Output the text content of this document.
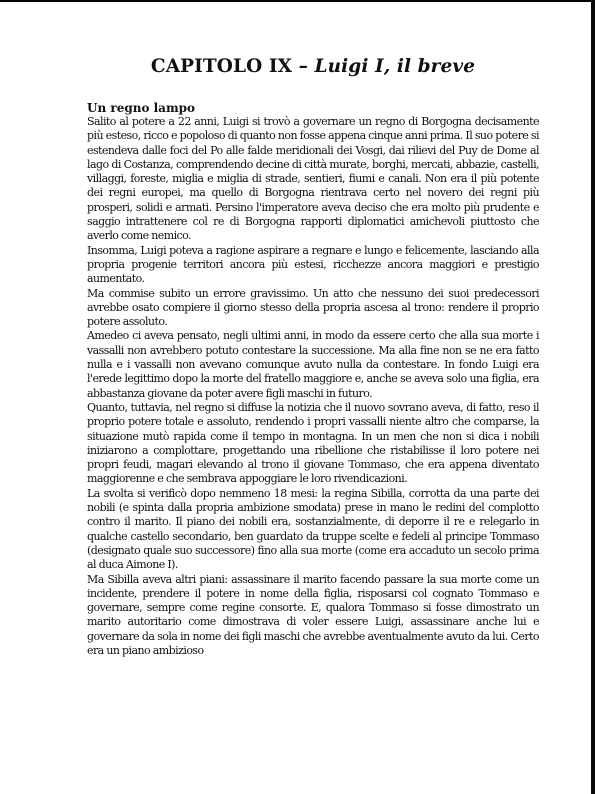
CAPITOLO IX – Luigi I, il breve

Un regno lampo

Salito al potere a 22 anni, Luigi si trovò a governare un regno di Borgogna decisamente più esteso, ricco e popoloso di quanto non fosse appena cinque anni prima. Il suo potere si estendeva dalle foci del Po alle falde meridionali dei Vosgi, dai rilievi del Puy de Dome al lago di Costanza, comprendendo decine di città murate, borghi, mercati, abbazie, castelli, villaggi, foreste, miglia e miglia di strade, sentieri, fiumi e canali. Non era il più potente dei regni europei, ma quello di Borgogna rientrava certo nel novero dei regni più prosperi, solidi e armati. Persino l'imperatore aveva deciso che era molto più prudente e saggio intrattenere col re di Borgogna rapporti diplomatici amichevoli piuttosto che averlo come nemico.

Insomma, Luigi poteva a ragione aspirare a regnare e lungo e felicemente, lasciando alla propria progenie territori ancora più estesi, ricchezze ancora maggiori e prestigio aumentato.

Ma commise subito un errore gravissimo. Un atto che nessuno dei suoi predecessori avrebbe osato compiere il giorno stesso della propria ascesa al trono: rendere il proprio potere assoluto.

Amedeo ci aveva pensato, negli ultimi anni, in modo da essere certo che alla sua morte i vassalli non avrebbero potuto contestare la successione. Ma alla fine non se ne era fatto nulla e i vassalli non avevano comunque avuto nulla da contestare. In fondo Luigi era l'erede legittimo dopo la morte del fratello maggiore e, anche se aveva solo una figlia, era abbastanza giovane da poter avere figli maschi in futuro.

Quanto, tuttavia, nel regno si diffuse la notizia che il nuovo sovrano aveva, di fatto, reso il proprio potere totale e assoluto, rendendo i propri vassalli niente altro che comparse, la situazione mutò rapida come il tempo in montagna. In un men che non si dica i nobili iniziarono a complottare, progettando una ribellione che ristabilisse il loro potere nei propri feudi, magari elevando al trono il giovane Tommaso, che era appena diventato maggiorenne e che sembrava appoggiare le loro rivendicazioni.

La svolta si verificò dopo nemmeno 18 mesi: la regina Sibilla, corrotta da una parte dei nobili (e spinta dalla propria ambizione smodata) prese in mano le redini del complotto contro il marito. Il piano dei nobili era, sostanzialmente, di deporre il re e relegarlo in qualche castello secondario, ben guardato da truppe scelte e fedeli al principe Tommaso (designato quale suo successore) fino alla sua morte (come era accaduto un secolo prima al duca Aimone I).

Ma Sibilla aveva altri piani: assassinare il marito facendo passare la sua morte come un incidente, prendere il potere in nome della figlia, risposarsi col cognato Tommaso e governare, sempre come regine consorte. E, qualora Tommaso si fosse dimostrato un marito autoritario come dimostrava di voler essere Luigi, assassinare anche lui e governare da sola in nome dei figli maschi che avrebbe aventualmente avuto da lui. Certo era un piano ambizioso
